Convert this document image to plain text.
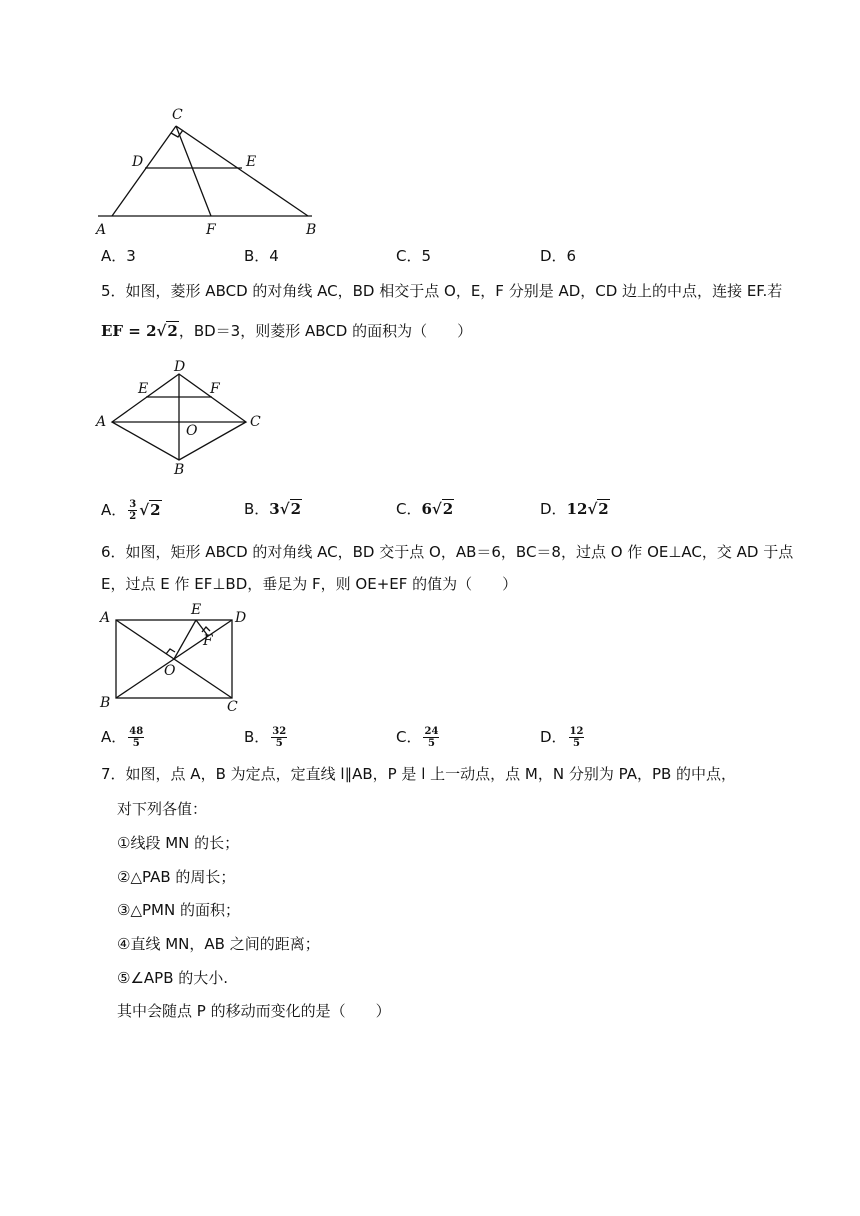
C
D	E
A	F	B
A．3	B．4	C．5	D．6
5．如图，菱形 ABCD 的对角线 AC，BD 相交于点 O，E，F 分别是 AD，CD 边上的中点，连接 EF.若
EF = 2√2，BD＝3，则菱形 ABCD 的面积为（　　）
D
E	F
A	C
O
B
A． $\frac{3}{2} √2$	B．3√2	C．6√2	D．12√2
6．如图，矩形 ABCD 的对角线 AC，BD 交于点 O，AB＝6，BC＝8，过点 O 作 OE⊥AC，交 AD 于点
E，过点 E 作 EF⊥BD，垂足为 F，则 OE+EF 的值为（　　）
A	E D
F
O
B	C
A． $\frac{48}{5}$	B． $\frac{32}{5}$	C． $\frac{24}{5}$	D． $\frac{12}{5}$
7．如图，点 A，B 为定点，定直线 l∥AB，P 是 l 上一动点，点 M，N 分别为 PA，PB 的中点，
对下列各值：
①线段 MN 的长；
②△PAB 的周长；
③△PMN 的面积；
④直线 MN，AB 之间的距离；
⑤∠APB 的大小.
其中会随点 P 的移动而变化的是（　　）
